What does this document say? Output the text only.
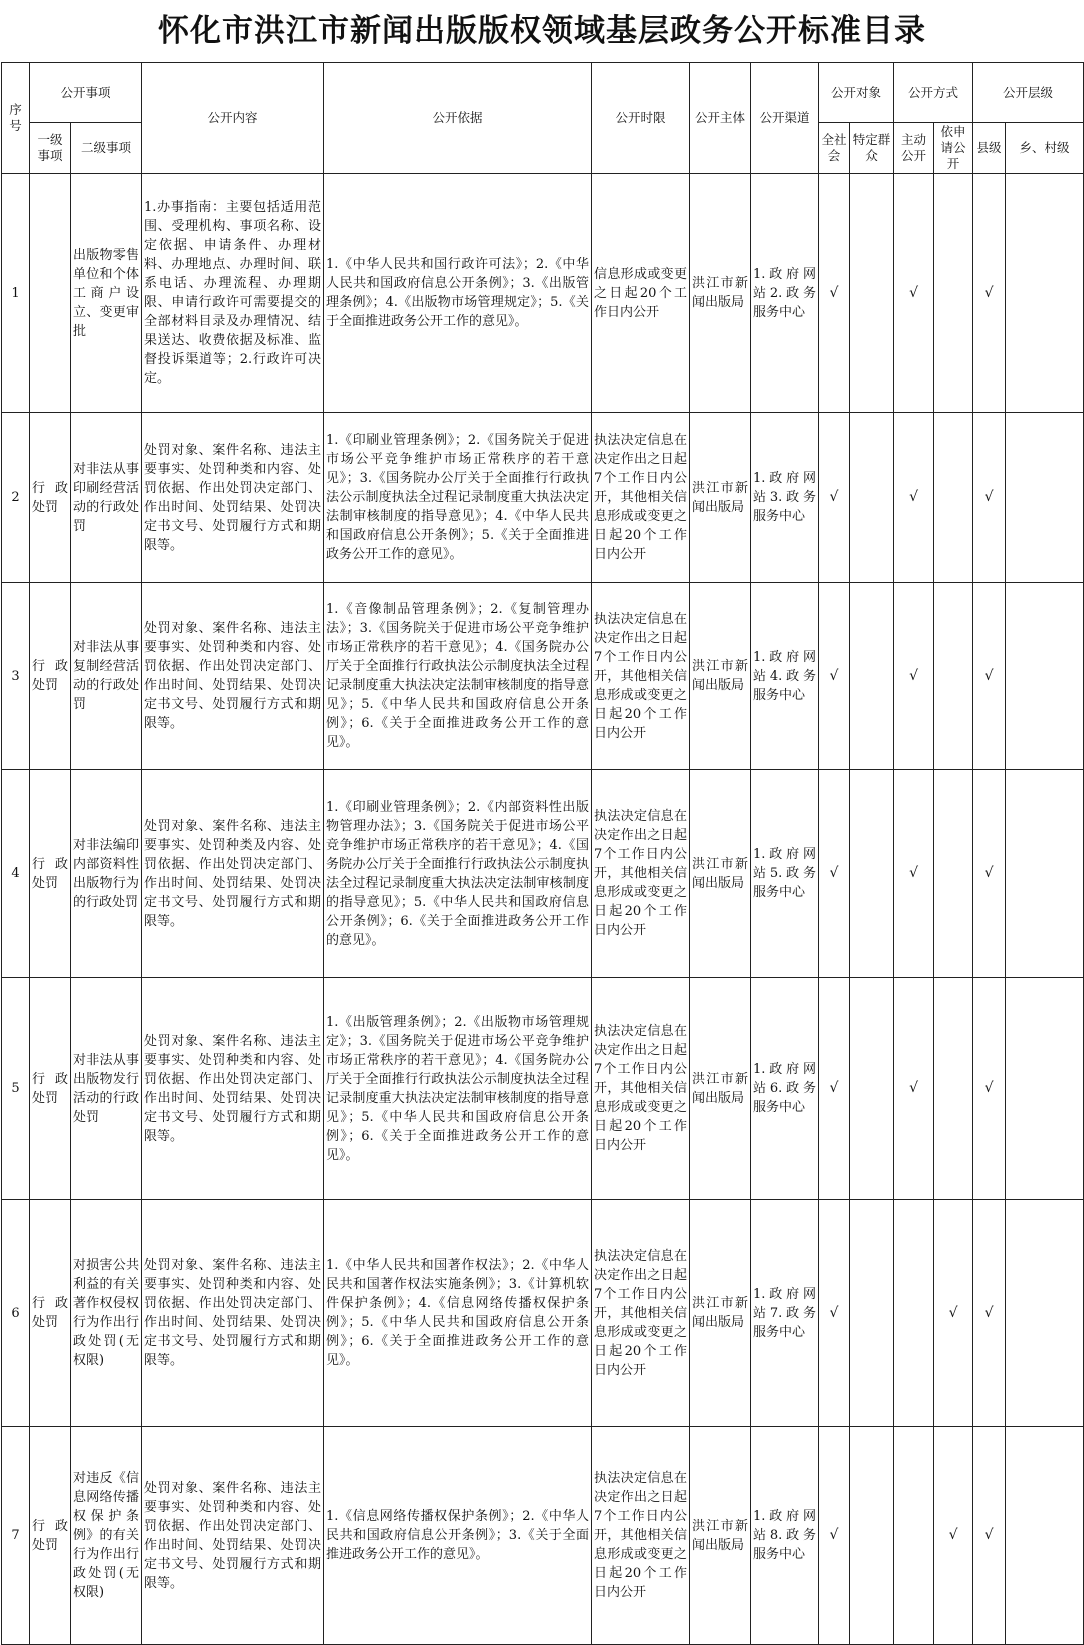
怀化市洪江市新闻出版版权领域基层政务公开标准目录
序号	公开事项		公开内容	公开依据	公开时限	公开主体	公开渠道	公开对象		公开方式		公开层级	
	一级事项	二级事项						全社会	特定群众	主动公开	依申请公开	县级	乡、村级
1		出版物零售单位和个体工商户设立、变更审批	1.办事指南：主要包括适用范围、受理机构、事项名称、设定依据、申请条件、办理材料、办理地点、办理时间、联系电话、办理流程、办理期限、申请行政许可需要提交的全部材料目录及办理情况、结果送达、收费依据及标准、监督投诉渠道等；2.行政许可决定。	1.《中华人民共和国行政许可法》；2.《中华人民共和国政府信息公开条例》；3.《出版管理条例》；4.《出版物市场管理规定》；5.《关于全面推进政务公开工作的意见》。	信息形成或变更之日起20个工作日内公开	洪江市新闻出版局	1.政府网站2.政务服务中心	√		√		√	
2	行政处罚	对非法从事印刷经营活动的行政处罚	处罚对象、案件名称、违法主要事实、处罚种类和内容、处罚依据、作出处罚决定部门、作出时间、处罚结果、处罚决定书文号、处罚履行方式和期限等。	1.《印刷业管理条例》；2.《国务院关于促进市场公平竞争维护市场正常秩序的若干意见》；3.《国务院办公厅关于全面推行行政执法公示制度执法全过程记录制度重大执法决定法制审核制度的指导意见》；4.《中华人民共和国政府信息公开条例》；5.《关于全面推进政务公开工作的意见》。	执法决定信息在决定作出之日起7个工作日内公开，其他相关信息形成或变更之日起20个工作日内公开	洪江市新闻出版局	1.政府网站3.政务服务中心	√		√		√	
3	行政处罚	对非法从事复制经营活动的行政处罚	处罚对象、案件名称、违法主要事实、处罚种类和内容、处罚依据、作出处罚决定部门、作出时间、处罚结果、处罚决定书文号、处罚履行方式和期限等。	1.《音像制品管理条例》；2.《复制管理办法》；3.《国务院关于促进市场公平竞争维护市场正常秩序的若干意见》；4.《国务院办公厅关于全面推行行政执法公示制度执法全过程记录制度重大执法决定法制审核制度的指导意见》；5.《中华人民共和国政府信息公开条例》；6.《关于全面推进政务公开工作的意见》。	执法决定信息在决定作出之日起7个工作日内公开，其他相关信息形成或变更之日起20个工作日内公开	洪江市新闻出版局	1.政府网站4.政务服务中心	√		√		√	
4	行政处罚	对非法编印内部资料性出版物行为的行政处罚	处罚对象、案件名称、违法主要事实、处罚种类及内容、处罚依据、作出处罚决定部门、作出时间、处罚结果、处罚决定书文号、处罚履行方式和期限等。	1.《印刷业管理条例》；2.《内部资料性出版物管理办法》；3.《国务院关于促进市场公平竞争维护市场正常秩序的若干意见》；4.《国务院办公厅关于全面推行行政执法公示制度执法全过程记录制度重大执法决定法制审核制度的指导意见》；5.《中华人民共和国政府信息公开条例》；6.《关于全面推进政务公开工作的意见》。	执法决定信息在决定作出之日起7个工作日内公开，其他相关信息形成或变更之日起20个工作日内公开	洪江市新闻出版局	1.政府网站5.政务服务中心	√		√		√	
5	行政处罚	对非法从事出版物发行活动的行政处罚	处罚对象、案件名称、违法主要事实、处罚种类和内容、处罚依据、作出处罚决定部门、作出时间、处罚结果、处罚决定书文号、处罚履行方式和期限等。	1.《出版管理条例》；2.《出版物市场管理规定》；3.《国务院关于促进市场公平竞争维护市场正常秩序的若干意见》；4.《国务院办公厅关于全面推行行政执法公示制度执法全过程记录制度重大执法决定法制审核制度的指导意见》；5.《中华人民共和国政府信息公开条例》；6.《关于全面推进政务公开工作的意见》。	执法决定信息在决定作出之日起7个工作日内公开，其他相关信息形成或变更之日起20个工作日内公开	洪江市新闻出版局	1.政府网站6.政务服务中心	√		√		√	
6	行政处罚	对损害公共利益的有关著作权侵权行为作出行政处罚(无权限)	处罚对象、案件名称、违法主要事实、处罚种类和内容、处罚依据、作出处罚决定部门、作出时间、处罚结果、处罚决定书文号、处罚履行方式和期限等。	1.《中华人民共和国著作权法》；2.《中华人民共和国著作权法实施条例》；3.《计算机软件保护条例》；4.《信息网络传播权保护条例》；5.《中华人民共和国政府信息公开条例》；6.《关于全面推进政务公开工作的意见》。	执法决定信息在决定作出之日起7个工作日内公开，其他相关信息形成或变更之日起20个工作日内公开	洪江市新闻出版局	1.政府网站7.政务服务中心	√			√	√	
7	行政处罚	对违反《信息网络传播权保护条例》的有关行为作出行政处罚(无权限)	处罚对象、案件名称、违法主要事实、处罚种类和内容、处罚依据、作出处罚决定部门、作出时间、处罚结果、处罚决定书文号、处罚履行方式和期限等。	1.《信息网络传播权保护条例》；2.《中华人民共和国政府信息公开条例》；3.《关于全面推进政务公开工作的意见》。	执法决定信息在决定作出之日起7个工作日内公开，其他相关信息形成或变更之日起20个工作日内公开	洪江市新闻出版局	1.政府网站8.政务服务中心	√			√	√	
